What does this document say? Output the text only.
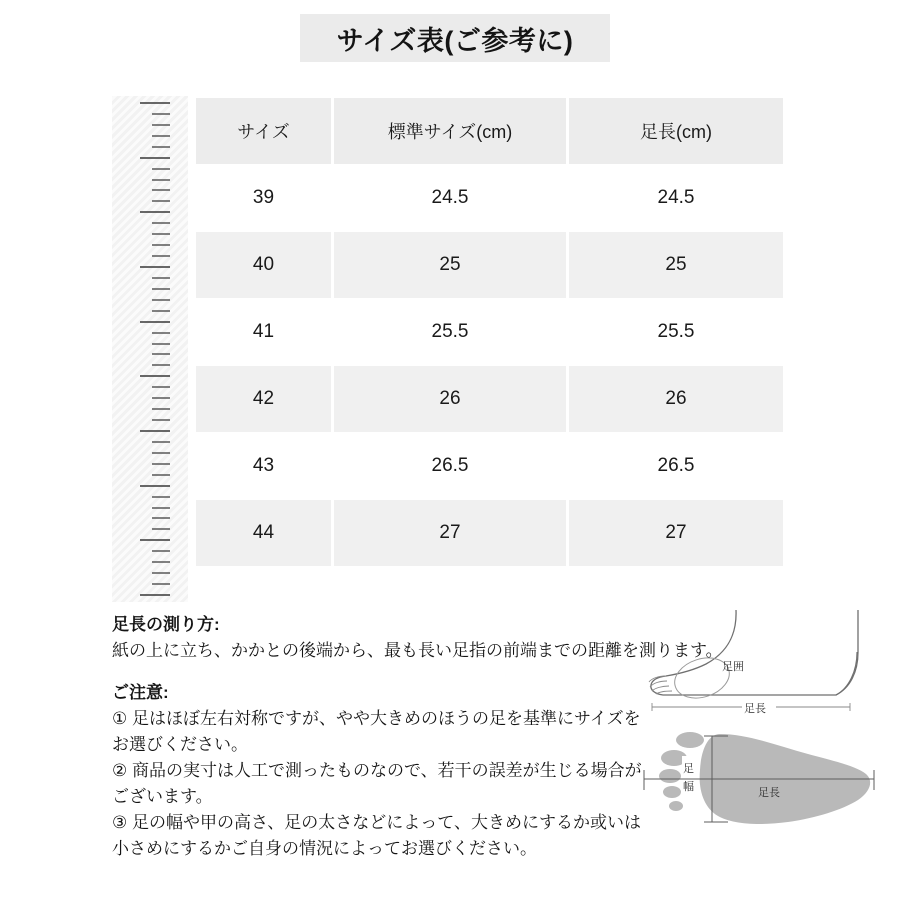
サイズ表(ご参考に)
サイズ	標準サイズ(cm)	足長(cm)
39	24.5	24.5
40	25	25
41	25.5	25.5
42	26	26
43	26.5	26.5
44	27	27
足長の測り方:
紙の上に立ち、かかとの後端から、最も長い足指の前端までの距離を測ります。
ご注意:
① 足はほぼ左右対称ですが、やや大きめのほうの足を基準にサイズを
お選びください。
② 商品の実寸は人工で測ったものなので、若干の誤差が生じる場合が
ございます。
③ 足の幅や甲の高さ、足の太さなどによって、大きめにするか或いは
小さめにするかご自身の情況によってお選びください。
足囲
足長
足
幅	足長
